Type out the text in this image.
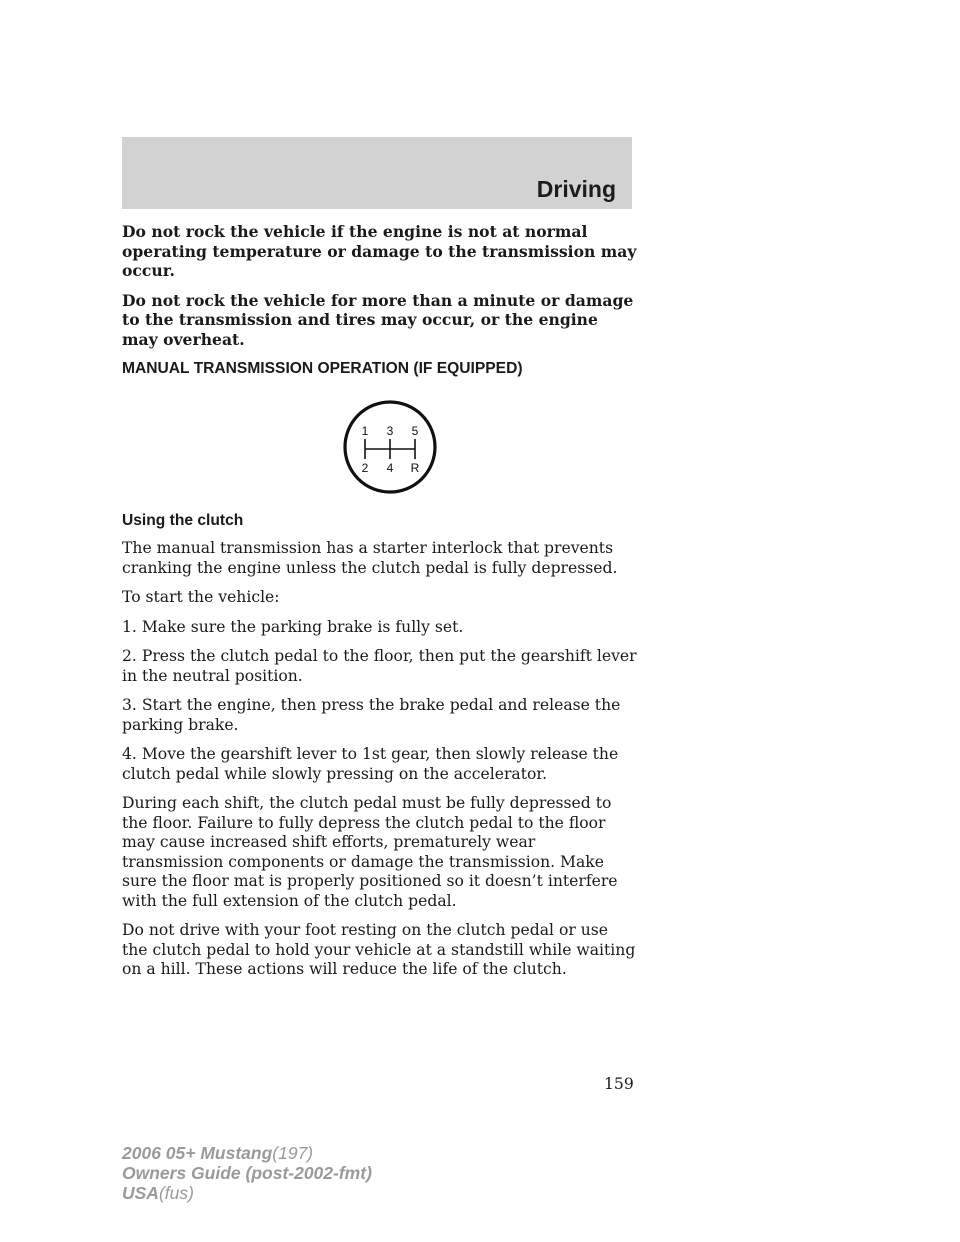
Driving

Do not rock the vehicle if the engine is not at normal operating temperature or damage to the transmission may occur.

Do not rock the vehicle for more than a minute or damage to the transmission and tires may occur, or the engine may overheat.

MANUAL TRANSMISSION OPERATION (IF EQUIPPED)
1 3 5
2 4 R
Using the clutch

The manual transmission has a starter interlock that prevents cranking the engine unless the clutch pedal is fully depressed.

To start the vehicle:

1. Make sure the parking brake is fully set.

2. Press the clutch pedal to the floor, then put the gearshift lever in the neutral position.

3. Start the engine, then press the brake pedal and release the parking brake.

4. Move the gearshift lever to 1st gear, then slowly release the clutch pedal while slowly pressing on the accelerator.

During each shift, the clutch pedal must be fully depressed to the floor. Failure to fully depress the clutch pedal to the floor may cause increased shift efforts, prematurely wear transmission components or damage the transmission. Make sure the floor mat is properly positioned so it doesn’t interfere with the full extension of the clutch pedal.

Do not drive with your foot resting on the clutch pedal or use the clutch pedal to hold your vehicle at a standstill while waiting on a hill. These actions will reduce the life of the clutch.

159
2006 05+ Mustang(197)
Owners Guide (post-2002-fmt)
USA(fus)
